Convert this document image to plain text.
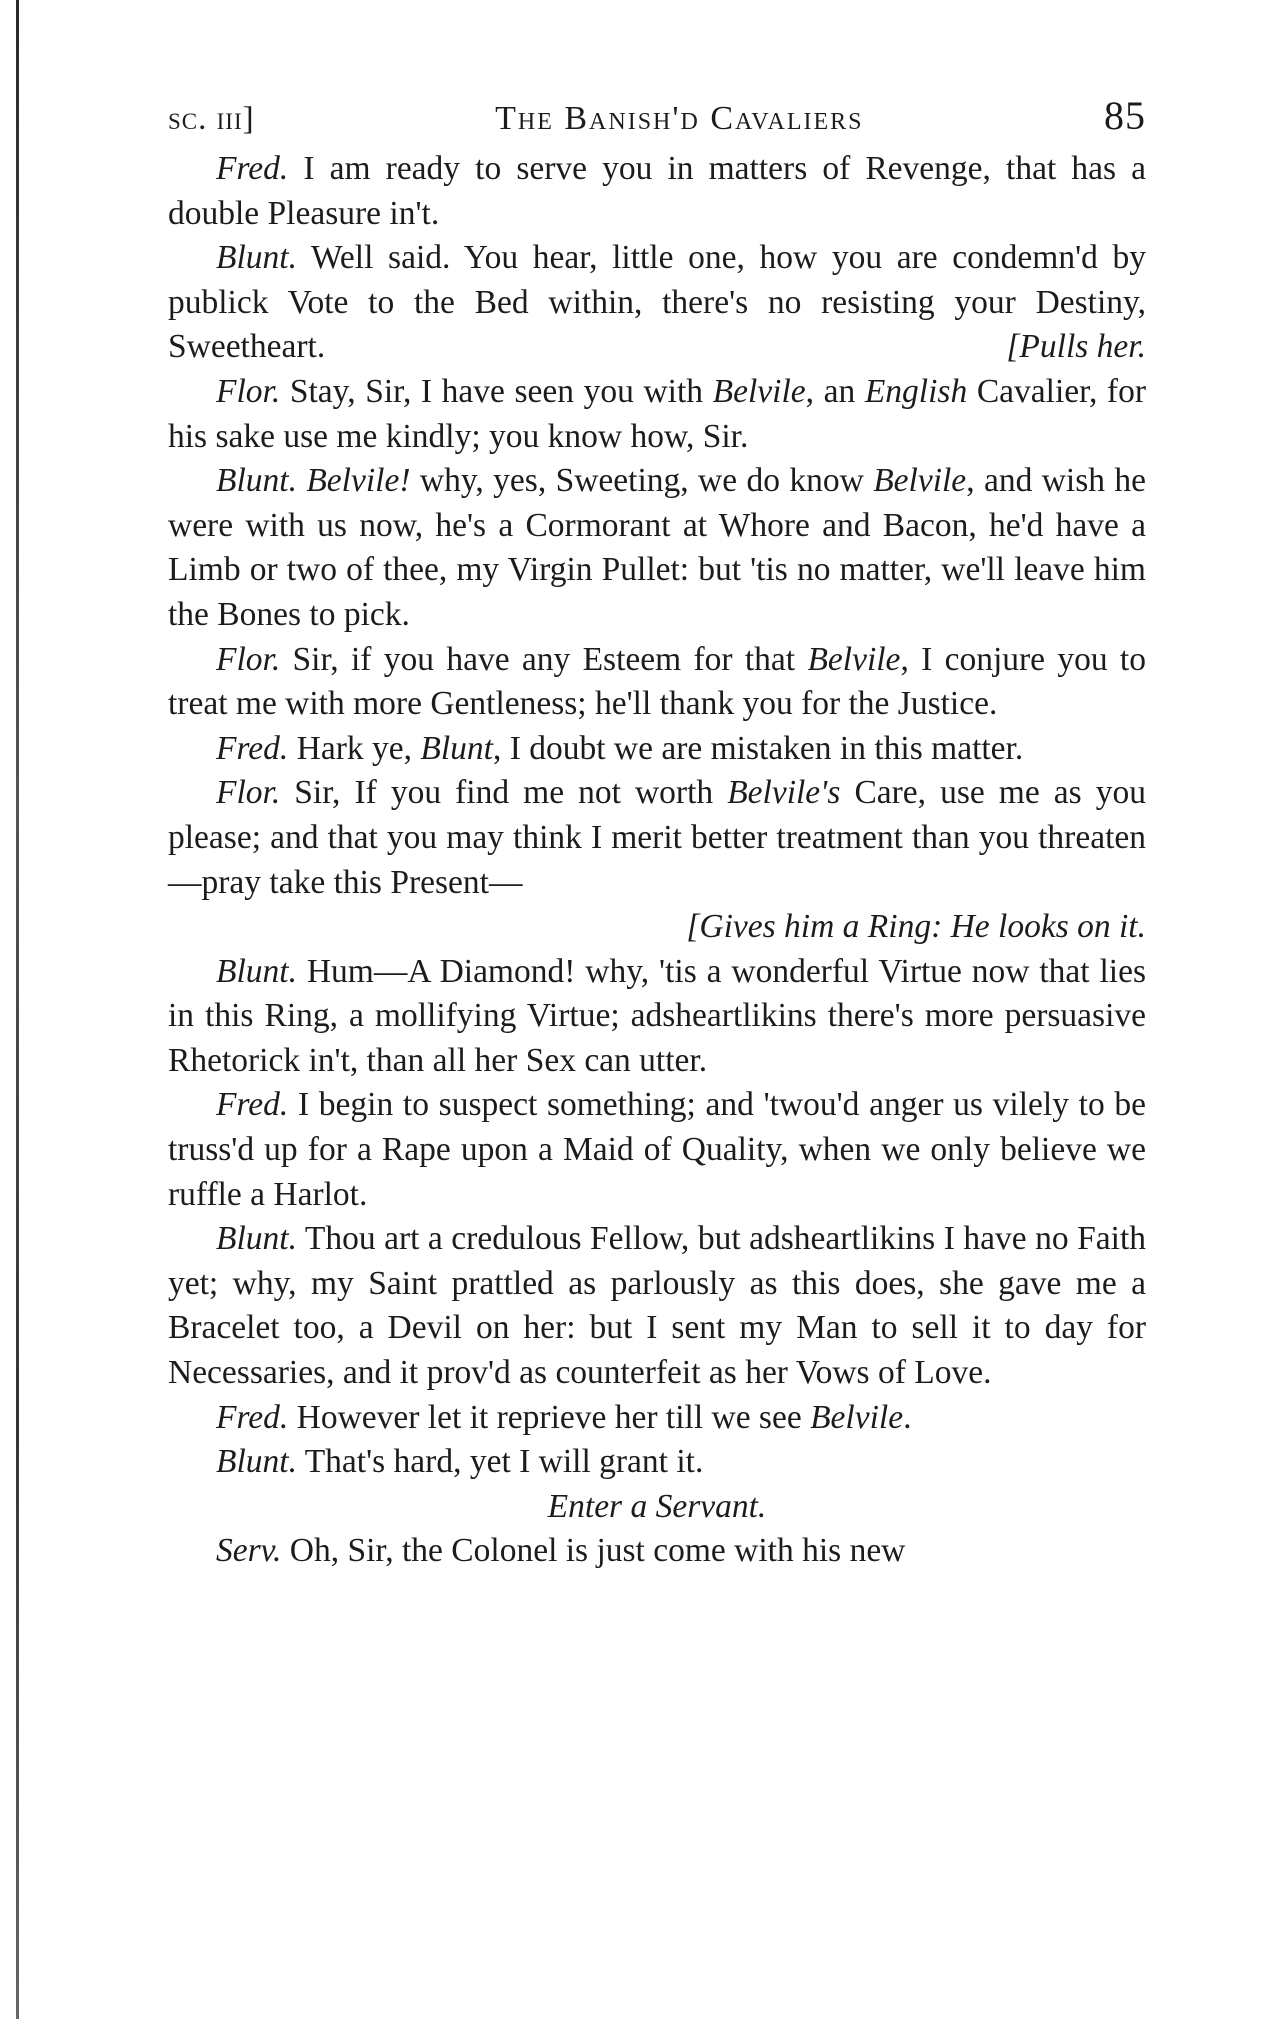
sc. iii]	The Banish'd Cavaliers	85

Fred. I am ready to serve you in matters of Revenge, that has a double Pleasure in't.

Blunt. Well said. You hear, little one, how you are condemn'd by publick Vote to the Bed within, there's no resisting your Destiny, Sweetheart.	[Pulls her.

Flor. Stay, Sir, I have seen you with Belvile, an English Cavalier, for his sake use me kindly; you know how, Sir.

Blunt. Belvile! why, yes, Sweeting, we do know Belvile, and wish he were with us now, he's a Cormorant at Whore and Bacon, he'd have a Limb or two of thee, my Virgin Pullet: but 'tis no matter, we'll leave him the Bones to pick.

Flor. Sir, if you have any Esteem for that Belvile, I conjure you to treat me with more Gentleness; he'll thank you for the Justice.

Fred. Hark ye, Blunt, I doubt we are mistaken in this matter.

Flor. Sir, If you find me not worth Belvile's Care, use me as you please; and that you may think I merit better treatment than you threaten—pray take this Present—
[Gives him a Ring: He looks on it.

Blunt. Hum—A Diamond! why, 'tis a wonderful Virtue now that lies in this Ring, a mollifying Virtue; adsheartlikins there's more persuasive Rhetorick in't, than all her Sex can utter.

Fred. I begin to suspect something; and 'twou'd anger us vilely to be truss'd up for a Rape upon a Maid of Quality, when we only believe we ruffle a Harlot.

Blunt. Thou art a credulous Fellow, but adsheartlikins I have no Faith yet; why, my Saint prattled as parlously as this does, she gave me a Bracelet too, a Devil on her: but I sent my Man to sell it to day for Necessaries, and it prov'd as counterfeit as her Vows of Love.

Fred. However let it reprieve her till we see Belvile.

Blunt. That's hard, yet I will grant it.

Enter a Servant.

Serv. Oh, Sir, the Colonel is just come with his new
